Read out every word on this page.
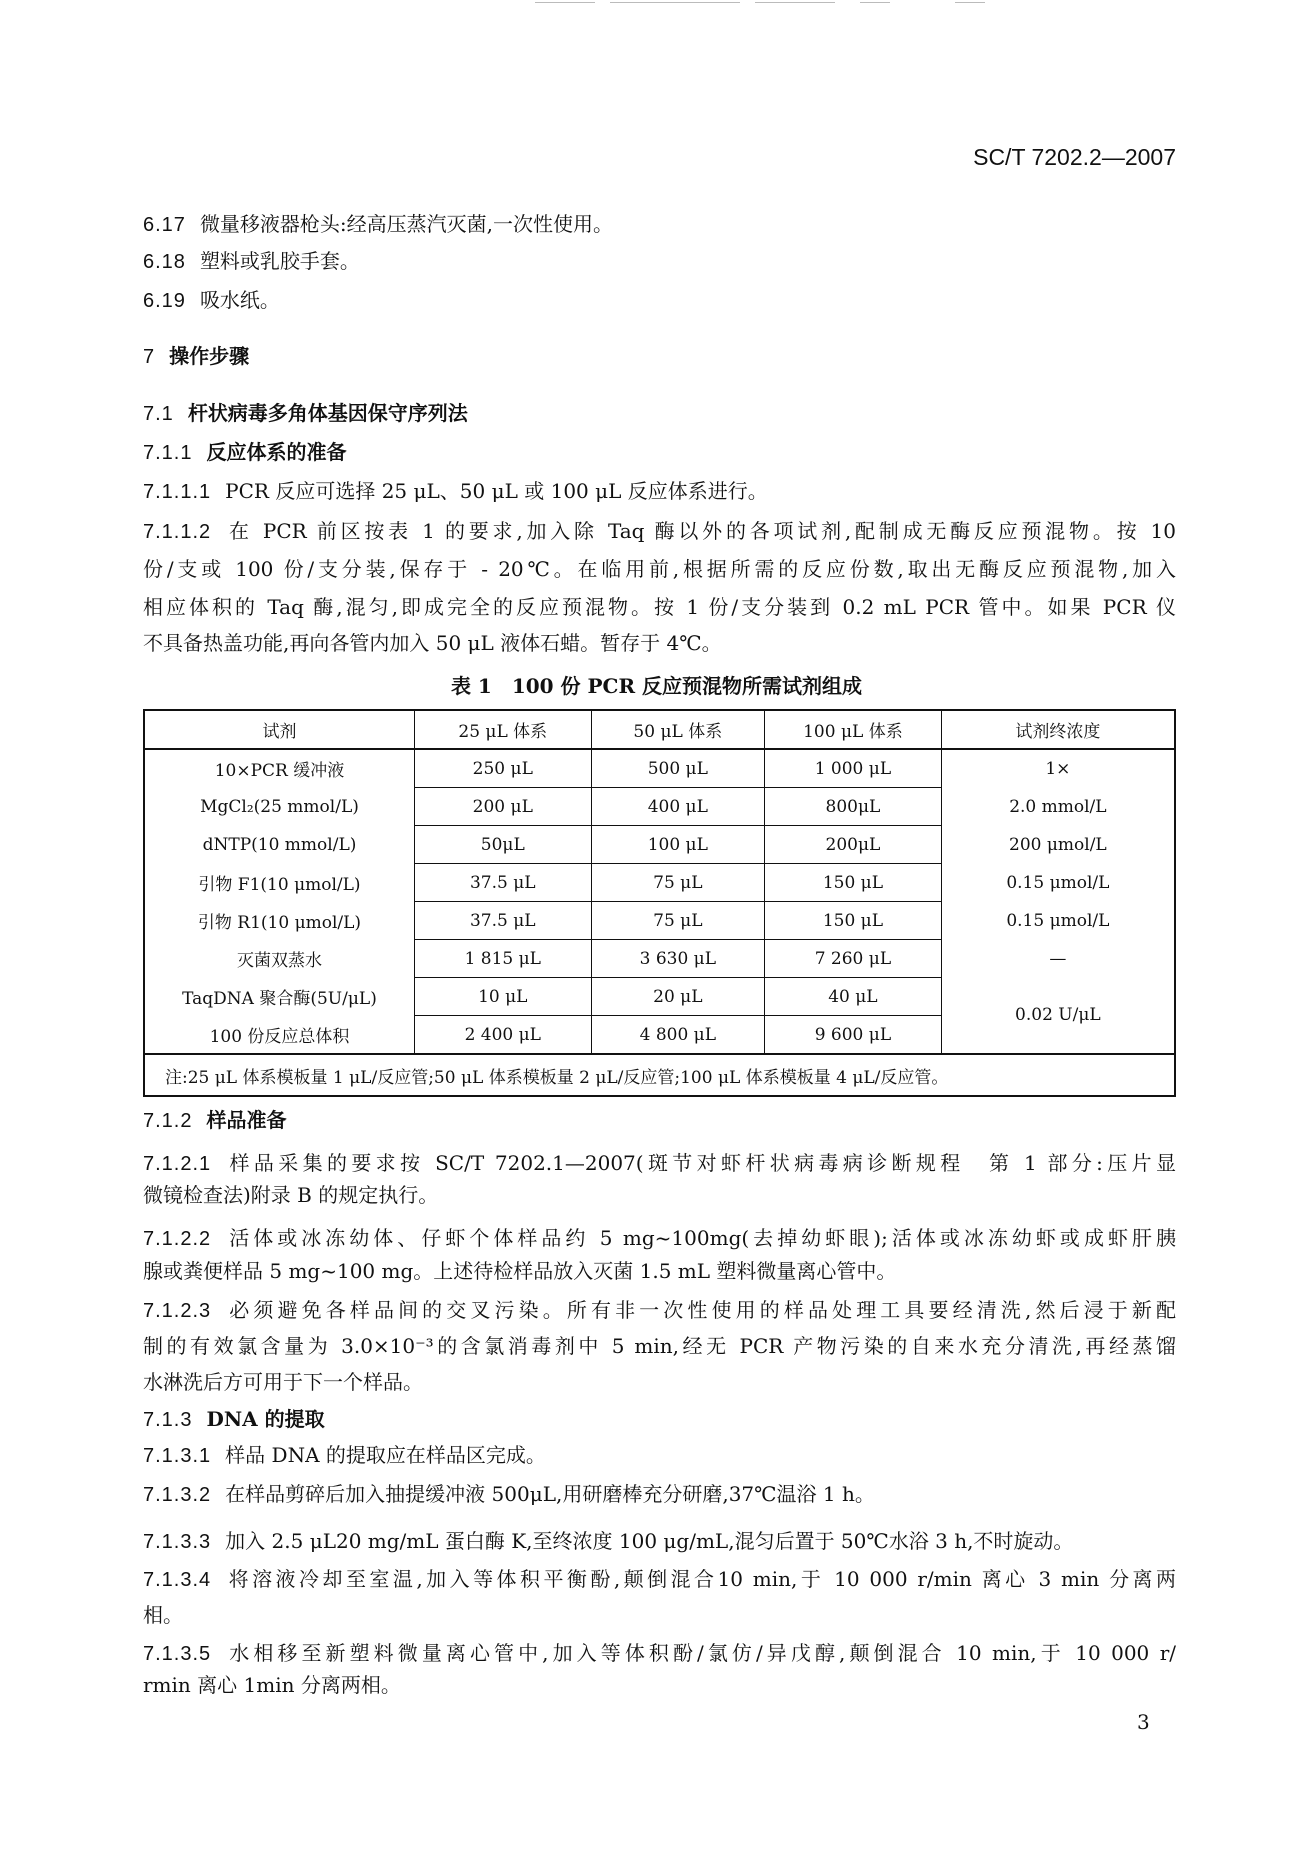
SC/T 7202.2—2007
6.17 微量移液器枪头:经高压蒸汽灭菌,一次性使用。
6.18 塑料或乳胶手套。
6.19 吸水纸。
7 操作步骤
7.1 杆状病毒多角体基因保守序列法
7.1.1 反应体系的准备
7.1.1.1 PCR 反应可选择 25 μL、50 μL 或 100 μL 反应体系进行。
7.1.1.2 在 PCR 前区按表 1 的要求,加入除 Taq 酶以外的各项试剂,配制成无酶反应预混物。按 10
份/支或 100 份/支分装,保存于 - 20℃。在临用前,根据所需的反应份数,取出无酶反应预混物,加入
相应体积的 Taq 酶,混匀,即成完全的反应预混物。按 1 份/支分装到 0.2 mL PCR 管中。如果 PCR 仪
不具备热盖功能,再向各管内加入 50 μL 液体石蜡。暂存于 4℃。
7.1.2 样品准备
7.1.2.1 样品采集的要求按 SC/T 7202.1—2007(斑节对虾杆状病毒病诊断规程　第 1 部分:压片显
微镜检查法)附录 B 的规定执行。
7.1.2.2 活体或冰冻幼体、仔虾个体样品约 5 mg~100mg(去掉幼虾眼);活体或冰冻幼虾或成虾肝胰
腺或粪便样品 5 mg~100 mg。上述待检样品放入灭菌 1.5 mL 塑料微量离心管中。
7.1.2.3 必须避免各样品间的交叉污染。所有非一次性使用的样品处理工具要经清洗,然后浸于新配
制的有效氯含量为 3.0×10⁻³的含氯消毒剂中 5 min,经无 PCR 产物污染的自来水充分清洗,再经蒸馏
水淋洗后方可用于下一个样品。
7.1.3 DNA 的提取
7.1.3.1 样品 DNA 的提取应在样品区完成。
7.1.3.2 在样品剪碎后加入抽提缓冲液 500μL,用研磨棒充分研磨,37℃温浴 1 h。
7.1.3.3 加入 2.5 μL20 mg/mL 蛋白酶 K,至终浓度 100 μg/mL,混匀后置于 50℃水浴 3 h,不时旋动。
7.1.3.4 将溶液冷却至室温,加入等体积平衡酚,颠倒混合10 min,于 10 000 r/min 离心 3 min 分离两
相。
7.1.3.5 水相移至新塑料微量离心管中,加入等体积酚/氯仿/异戊醇,颠倒混合 10 min,于 10 000 r/
rmin 离心 1min 分离两相。
表 1　100 份 PCR 反应预混物所需试剂组成
试剂	25 μL 体系	50 μL 体系	100 μL 体系	试剂终浓度
10×PCR 缓冲液	250 μL	500 μL	1 000 μL	1×
MgCl₂(25 mmol/L)	200 μL	400 μL	800μL	2.0 mmol/L
dNTP(10 mmol/L)	50μL	100 μL	200μL	200 μmol/L
引物 F1(10 μmol/L)	37.5 μL	75 μL	150 μL	0.15 μmol/L
引物 R1(10 μmol/L)	37.5 μL	75 μL	150 μL	0.15 μmol/L
灭菌双蒸水	1 815 μL	3 630 μL	7 260 μL	—
TaqDNA 聚合酶(5U/μL)	10 μL	20 μL	40 μL	0.02 U/μL
100 份反应总体积	2 400 μL	4 800 μL	9 600 μL	
注:25 μL 体系模板量 1 μL/反应管;50 μL 体系模板量 2 μL/反应管;100 μL 体系模板量 4 μL/反应管。				
3
